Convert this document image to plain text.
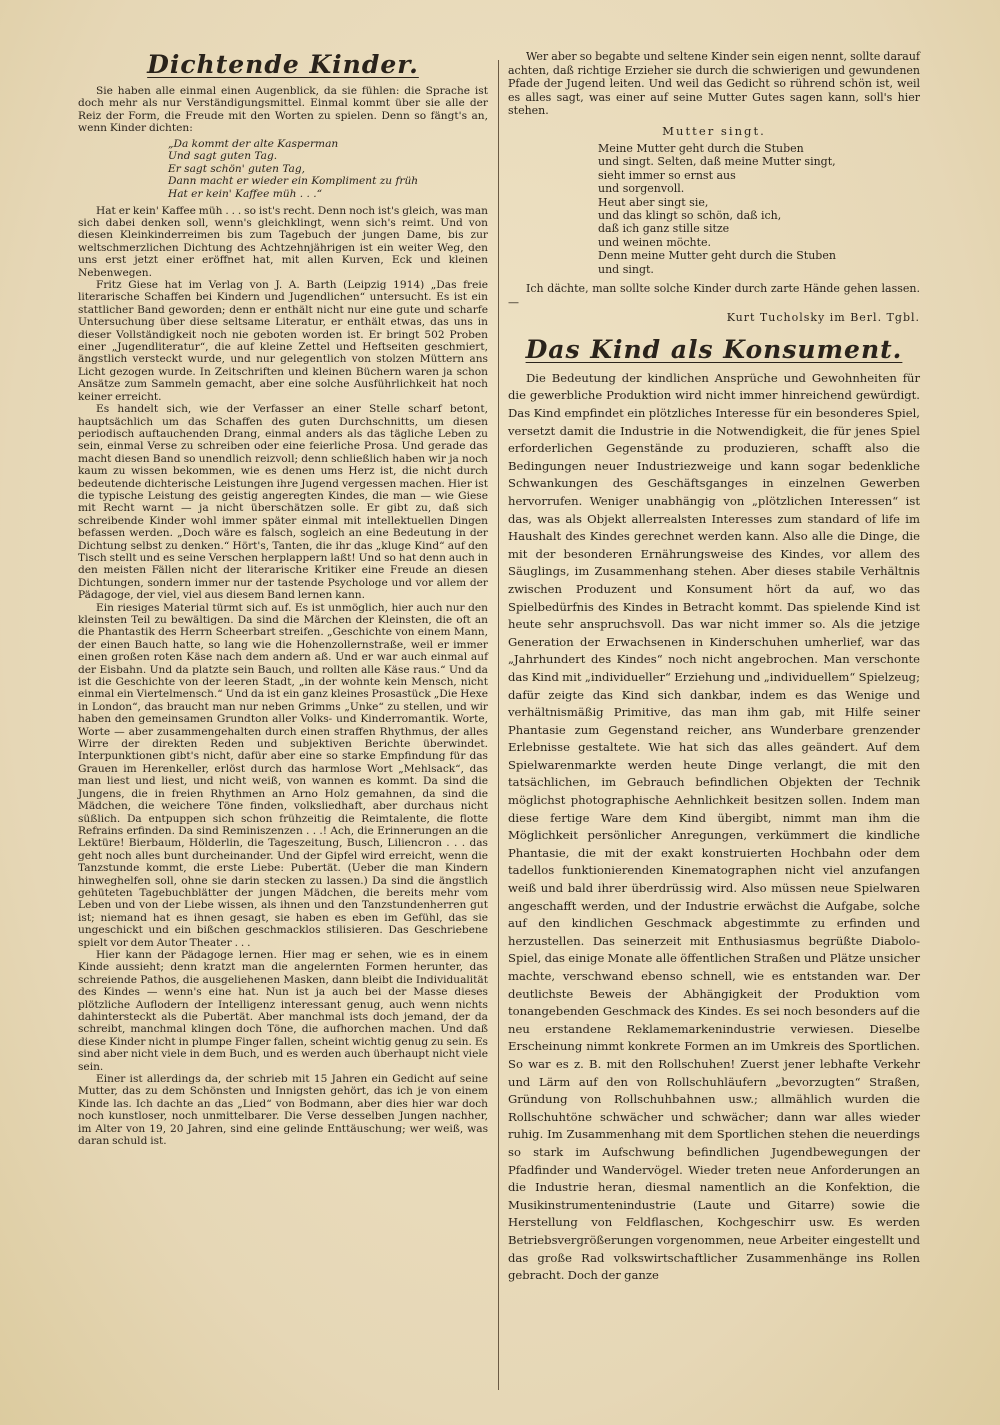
Dichtende Kinder.

Sie haben alle einmal einen Augenblick, da sie fühlen: die Sprache ist doch mehr als nur Verständigungsmittel. Einmal kommt über sie alle der Reiz der Form, die Freude mit den Worten zu spielen. Denn so fängt's an, wenn Kinder dichten:

„Da kommt der alte Kasperman
Und sagt guten Tag.
Er sagt schön' guten Tag,
Dann macht er wieder ein Kompliment zu früh
Hat er kein' Kaffee müh . . .“

Hat er kein' Kaffee müh . . . so ist's recht. Denn noch ist's gleich, was man sich dabei denken soll, wenn's gleichklingt, wenn sich's reimt. Und von diesen Kleinkinderreimen bis zum Tagebuch der jungen Dame, bis zur weltschmerzlichen Dichtung des Achtzehnjährigen ist ein weiter Weg, den uns erst jetzt einer eröffnet hat, mit allen Kurven, Eck und kleinen Nebenwegen.

Fritz Giese hat im Verlag von J. A. Barth (Leipzig 1914) „Das freie literarische Schaffen bei Kindern und Jugendlichen“ untersucht. Es ist ein stattlicher Band geworden; denn er enthält nicht nur eine gute und scharfe Untersuchung über diese seltsame Literatur, er enthält etwas, das uns in dieser Vollständigkeit noch nie geboten worden ist. Er bringt 502 Proben einer „Jugendliteratur“, die auf kleine Zettel und Heftseiten geschmiert, ängstlich versteckt wurde, und nur gelegentlich von stolzen Müttern ans Licht gezogen wurde. In Zeitschriften und kleinen Büchern waren ja schon Ansätze zum Sammeln gemacht, aber eine solche Ausführlichkeit hat noch keiner erreicht.

Es handelt sich, wie der Verfasser an einer Stelle scharf betont, hauptsächlich um das Schaffen des guten Durchschnitts, um diesen periodisch auftauchenden Drang, einmal anders als das tägliche Leben zu sein, einmal Verse zu schreiben oder eine feierliche Prosa. Und gerade das macht diesen Band so unendlich reizvoll; denn schließlich haben wir ja noch kaum zu wissen bekommen, wie es denen ums Herz ist, die nicht durch bedeutende dichterische Leistungen ihre Jugend vergessen machen. Hier ist die typische Leistung des geistig angeregten Kindes, die man — wie Giese mit Recht warnt — ja nicht überschätzen solle. Er gibt zu, daß sich schreibende Kinder wohl immer später einmal mit intellektuellen Dingen befassen werden. „Doch wäre es falsch, sogleich an eine Bedeutung in der Dichtung selbst zu denken.“ Hört's, Tanten, die ihr das „kluge Kind“ auf den Tisch stellt und es seine Verschen herplappern laßt! Und so hat denn auch in den meisten Fällen nicht der literarische Kritiker eine Freude an diesen Dichtungen, sondern immer nur der tastende Psychologe und vor allem der Pädagoge, der viel, viel aus diesem Band lernen kann.

Ein riesiges Material türmt sich auf. Es ist unmöglich, hier auch nur den kleinsten Teil zu bewältigen. Da sind die Märchen der Kleinsten, die oft an die Phantastik des Herrn Scheerbart streifen. „Geschichte von einem Mann, der einen Bauch hatte, so lang wie die Hohenzollernstraße, weil er immer einen großen roten Käse nach dem andern aß. Und er war auch einmal auf der Eisbahn. Und da platzte sein Bauch, und rollten alle Käse raus.“ Und da ist die Geschichte von der leeren Stadt, „in der wohnte kein Mensch, nicht einmal ein Viertelmensch.“ Und da ist ein ganz kleines Prosastück „Die Hexe in London“, das braucht man nur neben Grimms „Unke“ zu stellen, und wir haben den gemeinsamen Grundton aller Volks- und Kinderromantik. Worte, Worte — aber zusammengehalten durch einen straffen Rhythmus, der alles Wirre der direkten Reden und subjektiven Berichte überwindet. Interpunktionen gibt's nicht, dafür aber eine so starke Empfindung für das Grauen im Herenkeller, erlöst durch das harmlose Wort „Mehlsack“, das man liest und liest, und nicht weiß, von wannen es kommt. Da sind die Jungens, die in freien Rhythmen an Arno Holz gemahnen, da sind die Mädchen, die weichere Töne finden, volksliedhaft, aber durchaus nicht süßlich. Da entpuppen sich schon frühzeitig die Reimtalente, die flotte Refrains erfinden. Da sind Reminiszenzen . . .! Ach, die Erinnerungen an die Lektüre! Bierbaum, Hölderlin, die Tageszeitung, Busch, Liliencron . . . das geht noch alles bunt durcheinander. Und der Gipfel wird erreicht, wenn die Tanzstunde kommt, die erste Liebe: Pubertät. (Ueber die man Kindern hinweghelfen soll, ohne sie darin stecken zu lassen.) Da sind die ängstlich gehüteten Tagebuchblätter der jungen Mädchen, die bereits mehr vom Leben und von der Liebe wissen, als ihnen und den Tanzstundenherren gut ist; niemand hat es ihnen gesagt, sie haben es eben im Gefühl, das sie ungeschickt und ein bißchen geschmacklos stilisieren. Das Geschriebene spielt vor dem Autor Theater . . .

Hier kann der Pädagoge lernen. Hier mag er sehen, wie es in einem Kinde aussieht; denn kratzt man die angelernten Formen herunter, das schreiende Pathos, die ausgeliehenen Masken, dann bleibt die Individualität des Kindes — wenn's eine hat. Nun ist ja auch bei der Masse dieses plötzliche Auflodern der Intelligenz interessant genug, auch wenn nichts dahintersteckt als die Pubertät. Aber manchmal ists doch jemand, der da schreibt, manchmal klingen doch Töne, die aufhorchen machen. Und daß diese Kinder nicht in plumpe Finger fallen, scheint wichtig genug zu sein. Es sind aber nicht viele in dem Buch, und es werden auch überhaupt nicht viele sein.

Einer ist allerdings da, der schrieb mit 15 Jahren ein Gedicht auf seine Mutter, das zu dem Schönsten und Innigsten gehört, das ich je von einem Kinde las. Ich dachte an das „Lied“ von Bodmann, aber dies hier war doch noch kunstloser, noch unmittelbarer. Die Verse desselben Jungen nachher, im Alter von 19, 20 Jahren, sind eine gelinde Enttäuschung; wer weiß, was daran schuld ist.

Wer aber so begabte und seltene Kinder sein eigen nennt, sollte darauf achten, daß richtige Erzieher sie durch die schwierigen und gewundenen Pfade der Jugend leiten. Und weil das Gedicht so rührend schön ist, weil es alles sagt, was einer auf seine Mutter Gutes sagen kann, soll's hier stehen.

Mutter singt.
Meine Mutter geht durch die Stuben
und singt. Selten, daß meine Mutter singt,
sieht immer so ernst aus
und sorgenvoll.
Heut aber singt sie,
und das klingt so schön, daß ich,
daß ich ganz stille sitze
und weinen möchte.
Denn meine Mutter geht durch die Stuben
und singt.

Ich dächte, man sollte solche Kinder durch zarte Hände gehen lassen. —

Kurt Tucholsky im Berl. Tgbl.
Das Kind als Konsument.

Die Bedeutung der kindlichen Ansprüche und Gewohnheiten für die gewerbliche Produktion wird nicht immer hinreichend gewürdigt. Das Kind empfindet ein plötzliches Interesse für ein besonderes Spiel, versetzt damit die Industrie in die Notwendigkeit, die für jenes Spiel erforderlichen Gegenstände zu produzieren, schafft also die Bedingungen neuer Industriezweige und kann sogar bedenkliche Schwankungen des Geschäftsganges in einzelnen Gewerben hervorrufen. Weniger unabhängig von „plötzlichen Interessen“ ist das, was als Objekt allerrealsten Interesses zum standard of life im Haushalt des Kindes gerechnet werden kann. Also alle die Dinge, die mit der besonderen Ernährungsweise des Kindes, vor allem des Säuglings, im Zusammenhang stehen. Aber dieses stabile Verhältnis zwischen Produzent und Konsument hört da auf, wo das Spielbedürfnis des Kindes in Betracht kommt. Das spielende Kind ist heute sehr anspruchsvoll. Das war nicht immer so. Als die jetzige Generation der Erwachsenen in Kinderschuhen umherlief, war das „Jahrhundert des Kindes“ noch nicht angebrochen. Man verschonte das Kind mit „individueller“ Erziehung und „individuellem“ Spielzeug; dafür zeigte das Kind sich dankbar, indem es das Wenige und verhältnismäßig Primitive, das man ihm gab, mit Hilfe seiner Phantasie zum Gegenstand reicher, ans Wunderbare grenzender Erlebnisse gestaltete. Wie hat sich das alles geändert. Auf dem Spielwarenmarkte werden heute Dinge verlangt, die mit den tatsächlichen, im Gebrauch befindlichen Objekten der Technik möglichst photographische Aehnlichkeit besitzen sollen. Indem man diese fertige Ware dem Kind übergibt, nimmt man ihm die Möglichkeit persönlicher Anregungen, verkümmert die kindliche Phantasie, die mit der exakt konstruierten Hochbahn oder dem tadellos funktionierenden Kinematographen nicht viel anzufangen weiß und bald ihrer überdrüssig wird. Also müssen neue Spielwaren angeschafft werden, und der Industrie erwächst die Aufgabe, solche auf den kindlichen Geschmack abgestimmte zu erfinden und herzustellen. Das seinerzeit mit Enthusiasmus begrüßte Diabolo-Spiel, das einige Monate alle öffentlichen Straßen und Plätze unsicher machte, verschwand ebenso schnell, wie es entstanden war. Der deutlichste Beweis der Abhängigkeit der Produktion vom tonangebenden Geschmack des Kindes. Es sei noch besonders auf die neu erstandene Reklamemarkenindustrie verwiesen. Dieselbe Erscheinung nimmt konkrete Formen an im Umkreis des Sportlichen. So war es z. B. mit den Rollschuhen! Zuerst jener lebhafte Verkehr und Lärm auf den von Rollschuhläufern „bevorzugten“ Straßen, Gründung von Rollschuhbahnen usw.; allmählich wurden die Rollschuhtöne schwächer und schwächer; dann war alles wieder ruhig. Im Zusammenhang mit dem Sportlichen stehen die neuerdings so stark im Aufschwung befindlichen Jugendbewegungen der Pfadfinder und Wandervögel. Wieder treten neue Anforderungen an die Industrie heran, diesmal namentlich an die Konfektion, die Musikinstrumentenindustrie (Laute und Gitarre) sowie die Herstellung von Feldflaschen, Kochgeschirr usw. Es werden Betriebsvergrößerungen vorgenommen, neue Arbeiter eingestellt und das große Rad volkswirtschaftlicher Zusammenhänge ins Rollen gebracht. Doch der ganze
